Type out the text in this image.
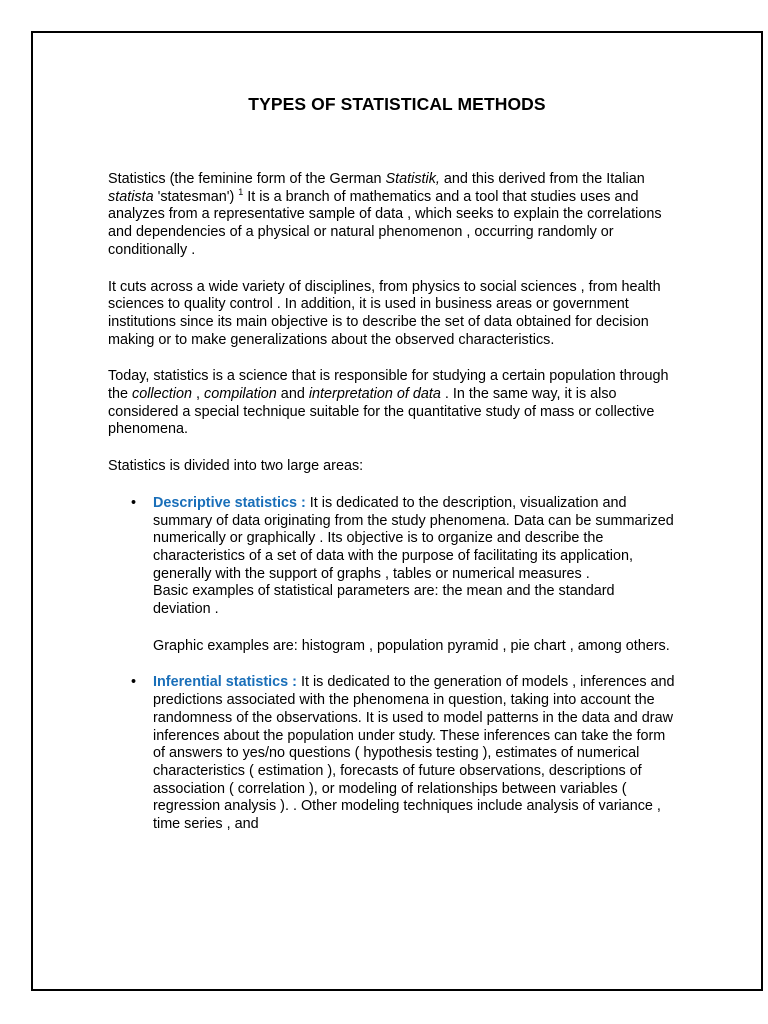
TYPES OF STATISTICAL METHODS

Statistics (the feminine form of the German Statistik, and this derived from the Italian statista 'statesman') $^1$ It is a branch of mathematics and a tool that studies uses and analyzes from a representative sample of data , which seeks to explain the correlations and dependencies of a physical or natural phenomenon , occurring randomly or conditionally .

It cuts across a wide variety of disciplines, from physics to social sciences , from health sciences to quality control . In addition, it is used in business areas or government institutions since its main objective is to describe the set of data obtained for decision making or to make generalizations about the observed characteristics.

Today, statistics is a science that is responsible for studying a certain population through the collection , compilation and interpretation of data . In the same way, it is also considered a special technique suitable for the quantitative study of mass or collective phenomena.

Statistics is divided into two large areas:

• Descriptive statistics : It is dedicated to the description, visualization and summary of data originating from the study phenomena. Data can be summarized numerically or graphically . Its objective is to organize and describe the characteristics of a set of data with the purpose of facilitating its application, generally with the support of graphs , tables or numerical measures .

Basic examples of statistical parameters are: the mean and the standard deviation .

Graphic examples are: histogram , population pyramid , pie chart , among others.

• Inferential statistics : It is dedicated to the generation of models , inferences and predictions associated with the phenomena in question, taking into account the randomness of the observations. It is used to model patterns in the data and draw inferences about the population under study. These inferences can take the form of answers to yes/no questions ( hypothesis testing ), estimates of numerical characteristics ( estimation ), forecasts of future observations, descriptions of association ( correlation ), or modeling of relationships between variables ( regression analysis ). . Other modeling techniques include analysis of variance , time series , and
